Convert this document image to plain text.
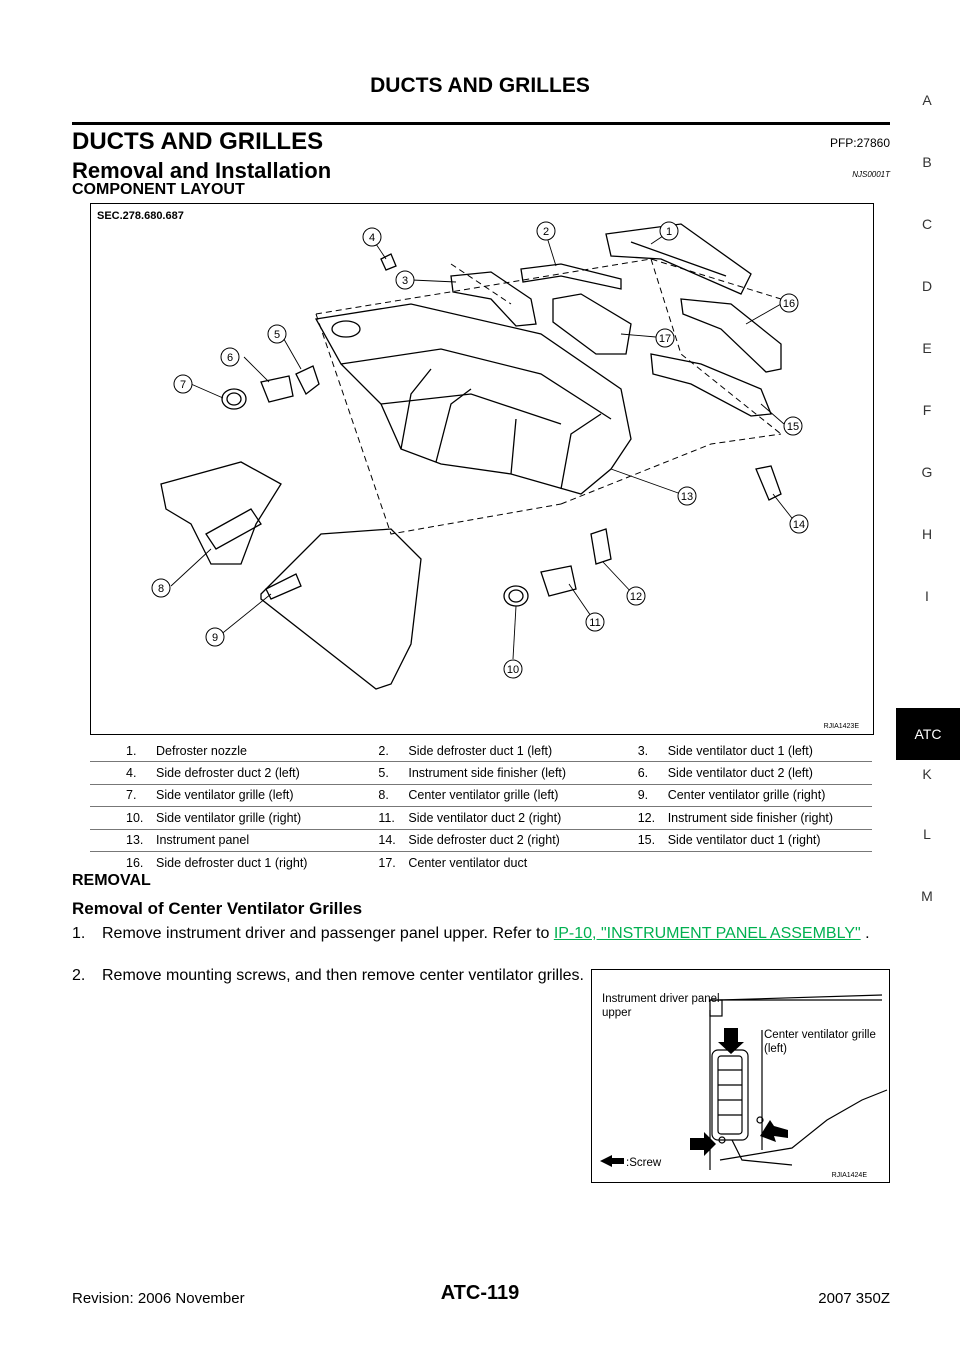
DUCTS AND GRILLES
DUCTS AND GRILLES	PFP:27860
Removal and Installation	NJS0001T
COMPONENT LAYOUT
SEC.278.680.687
1
2
3
4
5
6
7
8
9
10
11
12
13
14
15
16
17
RJIA1423E
1. Defroster nozzle	2. Side defroster duct 1 (left)	3. Side ventilator duct 1 (left)
4. Side defroster duct 2 (left)	5. Instrument side finisher (left)	6. Side ventilator duct 2 (left)
7. Side ventilator grille (left)	8. Center ventilator grille (left)	9. Center ventilator grille (right)
10. Side ventilator grille (right)	11. Side ventilator duct 2 (right)	12. Instrument side finisher (right)
13. Instrument panel	14. Side defroster duct 2 (right)	15. Side ventilator duct 1 (right)
16. Side defroster duct 1 (right)	17. Center ventilator duct	
REMOVAL
Removal of Center Ventilator Grilles
1. Remove instrument driver and passenger panel upper. Refer to IP-10, "INSTRUMENT PANEL ASSEMBLY" .
2. Remove mounting screws, and then remove center ventilator grilles.
Instrument driver panel upper
Center ventilator grille (left)
:Screw
RJIA1424E
A
B
C
D
E
F
G
H
I
K
L
M
ATC
Revision: 2006 November	ATC-119	2007 350Z
